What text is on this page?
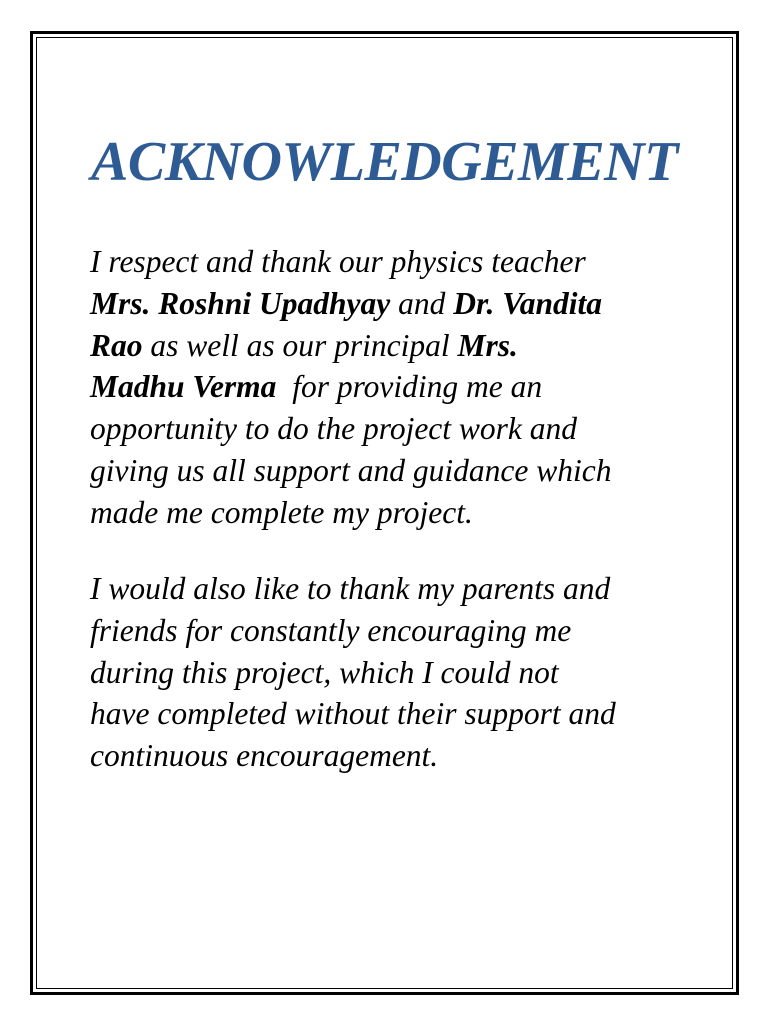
ACKNOWLEDGEMENT

I respect and thank our physics teacher
Mrs. Roshni Upadhyay and Dr. Vandita
Rao as well as our principal Mrs.
Madhu Verma  for providing me an
opportunity to do the project work and
giving us all support and guidance which
made me complete my project.

I would also like to thank my parents and
friends for constantly encouraging me
during this project, which I could not
have completed without their support and
continuous encouragement.
